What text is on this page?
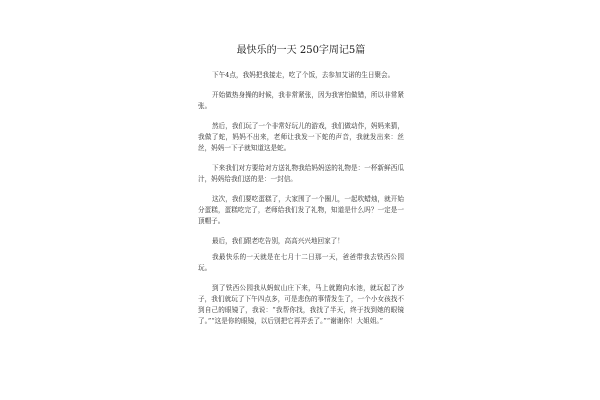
最快乐的一天 250字周记5篇

下午4点，我妈把我接走，吃了个饭，去参加艾诺的生日聚会。

开始做热身操的时候，我非常紧张，因为我害怕做错，所以非常紧张。

然后，我们玩了一个非常好玩儿的游戏，我们做动作，妈妈来猜，我做了蛇，妈妈不出来，老师让我发一下蛇的声音，我就发出来：丝丝，妈妈一下子就知道这是蛇。

下来我们对方要给对方送礼物我给妈妈送的礼物是：一杯新鲜西瓜汁，妈妈给我们送的是：一封信。

这次，我们要吃蛋糕了，大家围了一个圈儿，一起吹蜡烛，就开始分蛋糕，蛋糕吃完了，老师给我们发了礼物，知道是什么吗？一定是一顶帽子。

最后，我们跟老吃告别，高高兴兴地回家了！

我最快乐的一天就是在七月十二日那一天，爸爸带我去铁西公园玩。

到了铁西公园我从蚂蚁山庄下来，马上就跑向水池，就玩起了沙子，我们就玩了下午四点多，可是悲伤的事情发生了，一个小女孩找不到自己的眼镜了，我说：“我帮你找，我找了半天，终于找到她的眼镜了。”“这是你的眼镜，以后别把它再弄丢了。”“谢谢你！大姐姐。”
